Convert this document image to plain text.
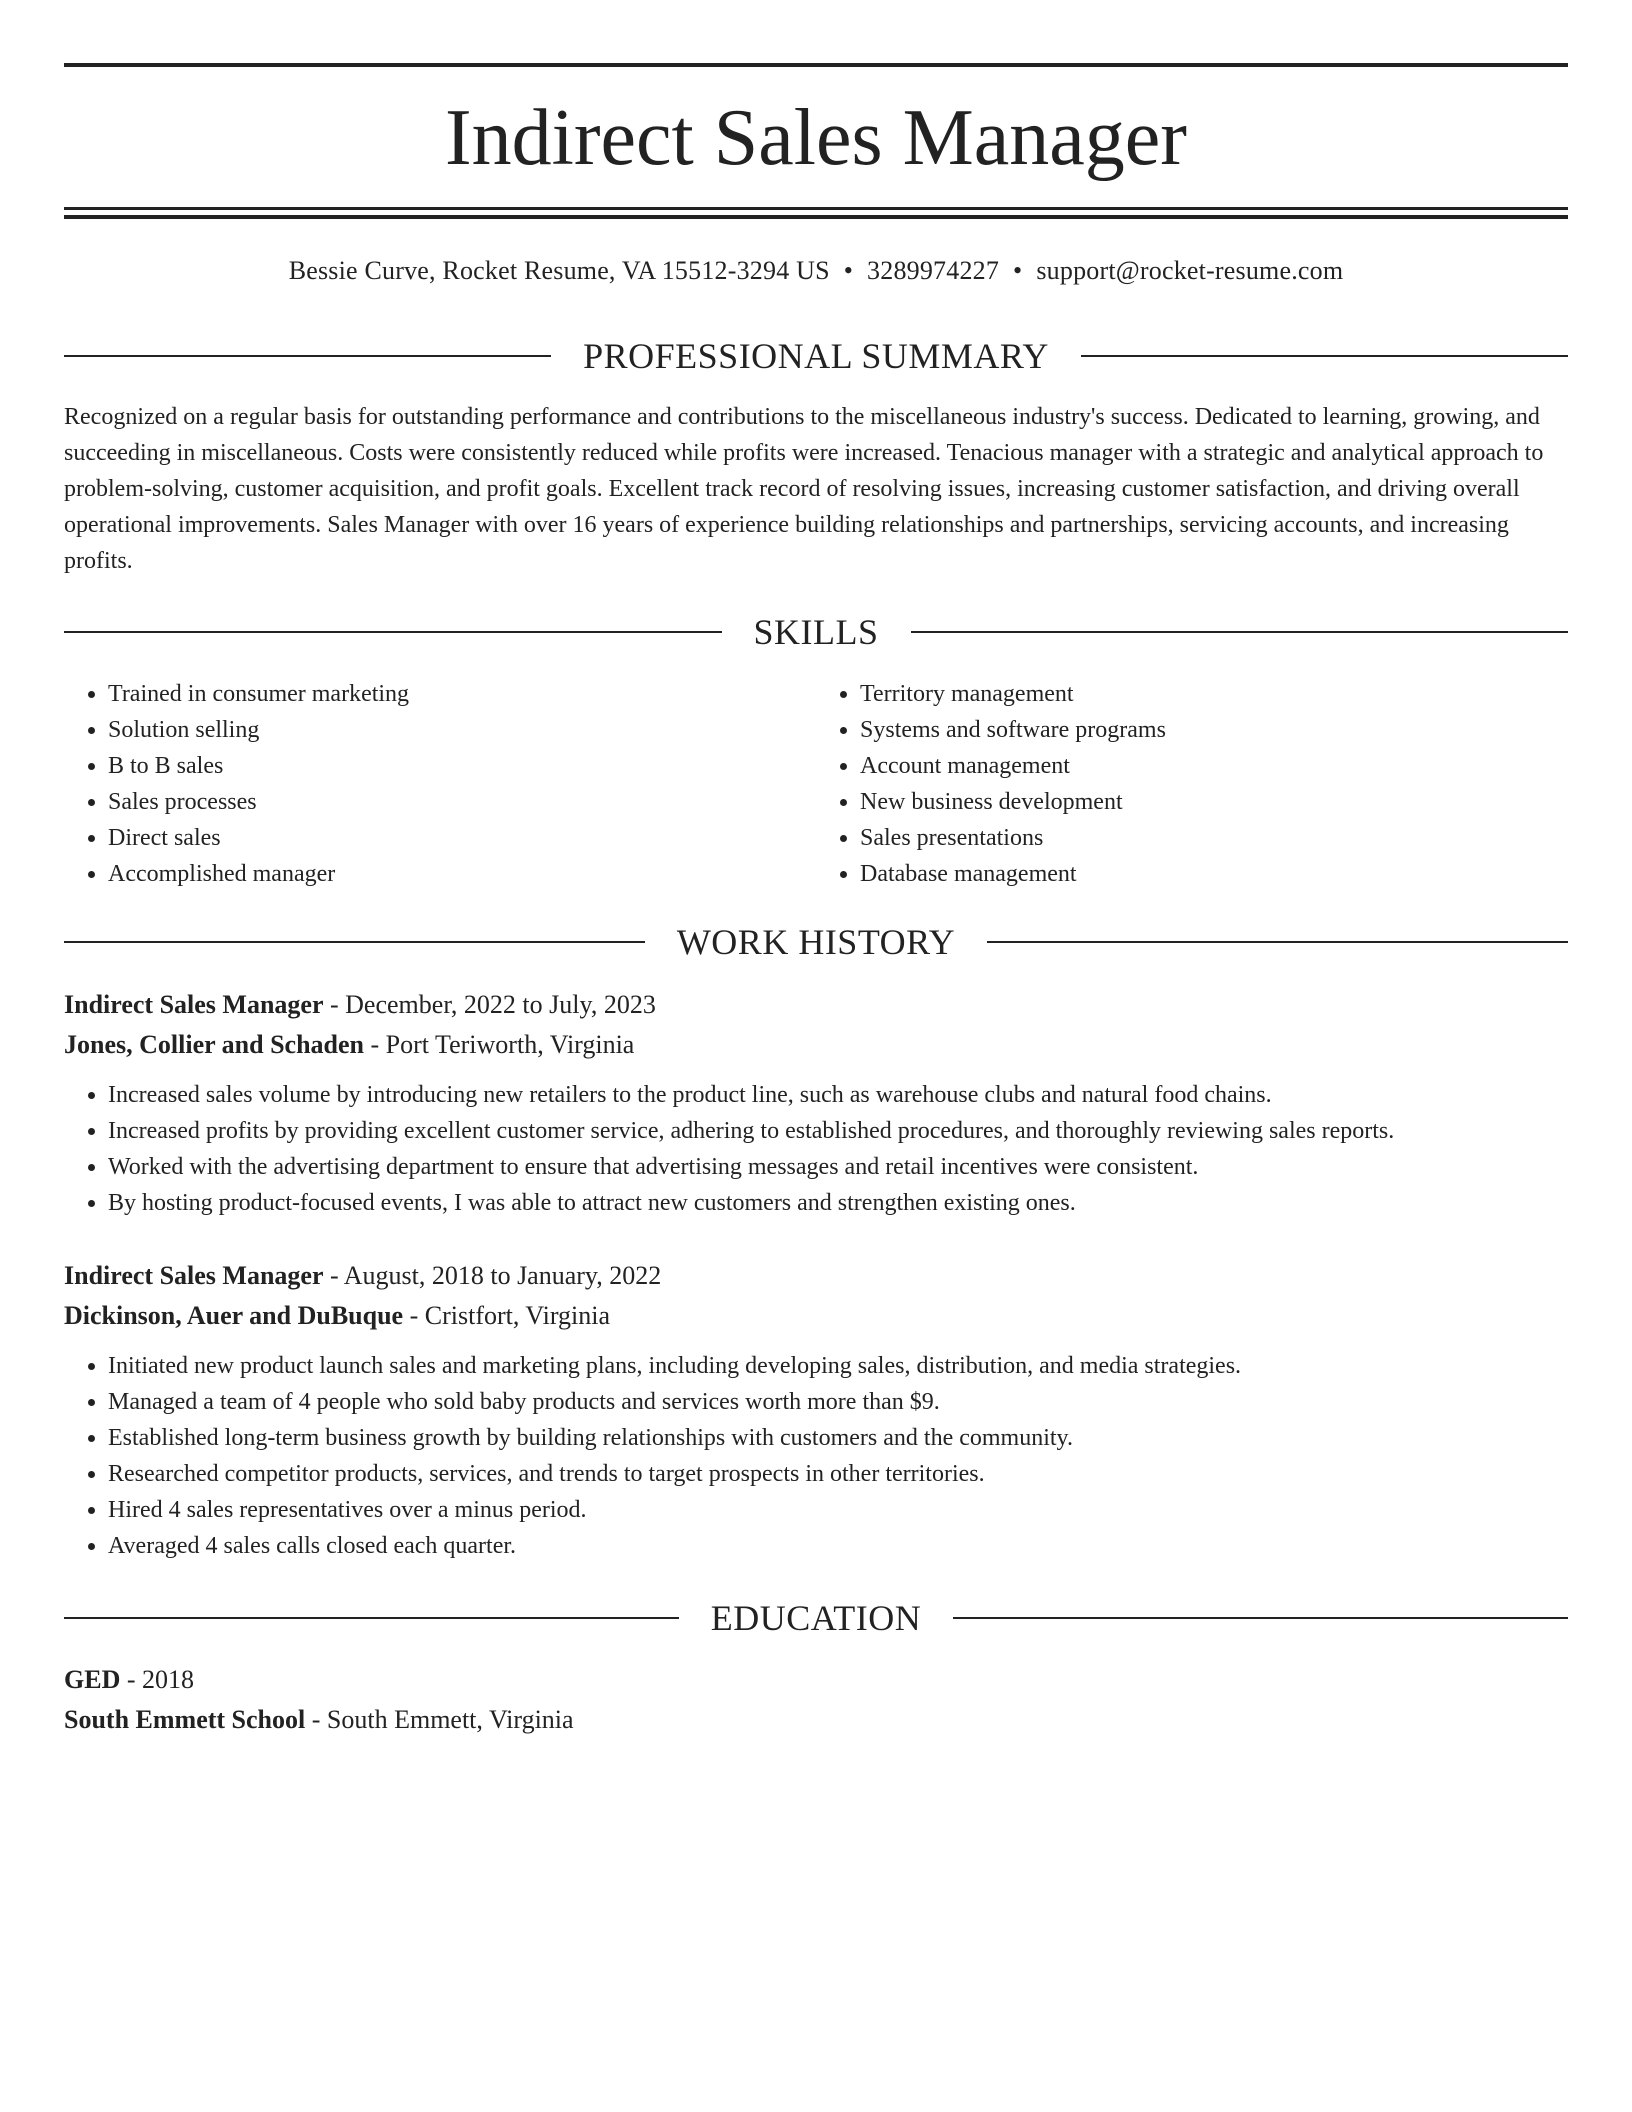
Indirect Sales Manager
Bessie Curve, Rocket Resume, VA 15512-3294 US • 3289974227 • support@rocket-resume.com
PROFESSIONAL SUMMARY

Recognized on a regular basis for outstanding performance and contributions to the miscellaneous industry's success. Dedicated to learning, growing, and succeeding in miscellaneous. Costs were consistently reduced while profits were increased. Tenacious manager with a strategic and analytical approach to problem-solving, customer acquisition, and profit goals. Excellent track record of resolving issues, increasing customer satisfaction, and driving overall operational improvements. Sales Manager with over 16 years of experience building relationships and partnerships, servicing accounts, and increasing profits.

SKILLS
• Trained in consumer marketing
• Solution selling
• B to B sales
• Sales processes
• Direct sales
• Accomplished manager
• Territory management
• Systems and software programs
• Account management
• New business development
• Sales presentations
• Database management
WORK HISTORY
Indirect Sales Manager - December, 2022 to July, 2023
Jones, Collier and Schaden - Port Teriworth, Virginia
• Increased sales volume by introducing new retailers to the product line, such as warehouse clubs and natural food chains.
• Increased profits by providing excellent customer service, adhering to established procedures, and thoroughly reviewing sales reports.
• Worked with the advertising department to ensure that advertising messages and retail incentives were consistent.
• By hosting product-focused events, I was able to attract new customers and strengthen existing ones.
Indirect Sales Manager - August, 2018 to January, 2022
Dickinson, Auer and DuBuque - Cristfort, Virginia
• Initiated new product launch sales and marketing plans, including developing sales, distribution, and media strategies.
• Managed a team of 4 people who sold baby products and services worth more than $9.
• Established long-term business growth by building relationships with customers and the community.
• Researched competitor products, services, and trends to target prospects in other territories.
• Hired 4 sales representatives over a minus period.
• Averaged 4 sales calls closed each quarter.
EDUCATION
GED - 2018
South Emmett School - South Emmett, Virginia
